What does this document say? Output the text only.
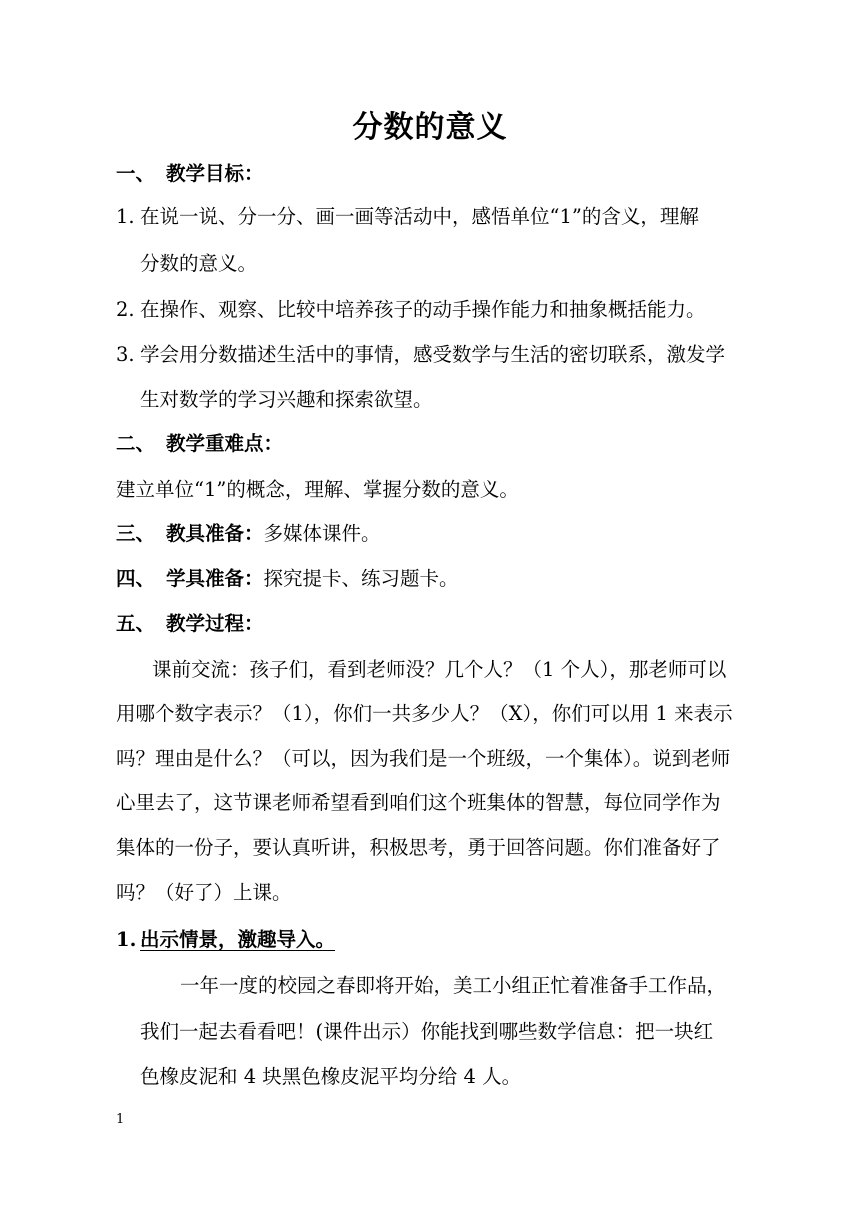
分数的意义
一、 教学目标：
1. 在说一说、分一分、画一画等活动中，感悟单位“1”的含义，理解
分数的意义。
2. 在操作、观察、比较中培养孩子的动手操作能力和抽象概括能力。
3. 学会用分数描述生活中的事情，感受数学与生活的密切联系，激发学
生对数学的学习兴趣和探索欲望。
二、 教学重难点：
建立单位“1”的概念，理解、掌握分数的意义。
三、 教具准备：多媒体课件。
四、 学具准备：探究提卡、练习题卡。
五、 教学过程：
课前交流：孩子们，看到老师没？几个人？（1 个人），那老师可以
用哪个数字表示？（1），你们一共多少人？（X），你们可以用 1 来表示
吗？理由是什么？（可以，因为我们是一个班级，一个集体）。说到老师
心里去了，这节课老师希望看到咱们这个班集体的智慧，每位同学作为
集体的一份子，要认真听讲，积极思考，勇于回答问题。你们准备好了
吗？（好了）上课。
1. 出示情景，激趣导入。
一年一度的校园之春即将开始，美工小组正忙着准备手工作品，
我们一起去看看吧！(课件出示）你能找到哪些数学信息：把一块红
色橡皮泥和 4 块黑色橡皮泥平均分给 4 人。
1
